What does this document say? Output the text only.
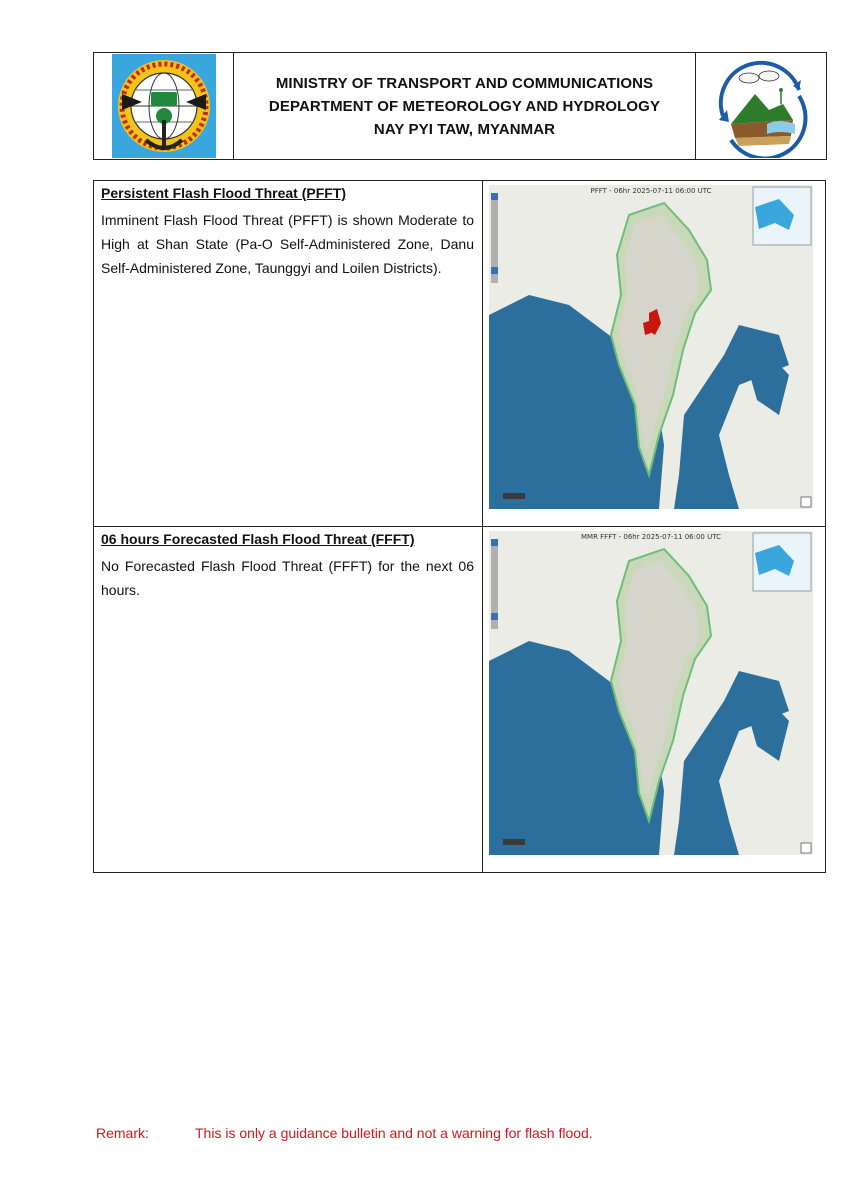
MINISTRY OF TRANSPORT AND COMMUNICATIONS
DEPARTMENT OF METEOROLOGY AND HYDROLOGY
NAY PYI TAW, MYANMAR
Persistent Flash Flood Threat (PFFT)
Imminent Flash Flood Threat (PFFT) is shown Moderate to High at Shan State (Pa-O Self-Administered Zone, Danu Self-Administered Zone, Taunggyi and Loilen Districts).
PFFT - 06hr 2025-07-11 06:00 UTC
06 hours Forecasted Flash Flood Threat (FFFT)
No Forecasted Flash Flood Threat (FFFT) for the next 06 hours.
MMR FFFT - 06hr 2025-07-11 06:00 UTC
Remark:	This is only a guidance bulletin and not a warning for flash flood.
